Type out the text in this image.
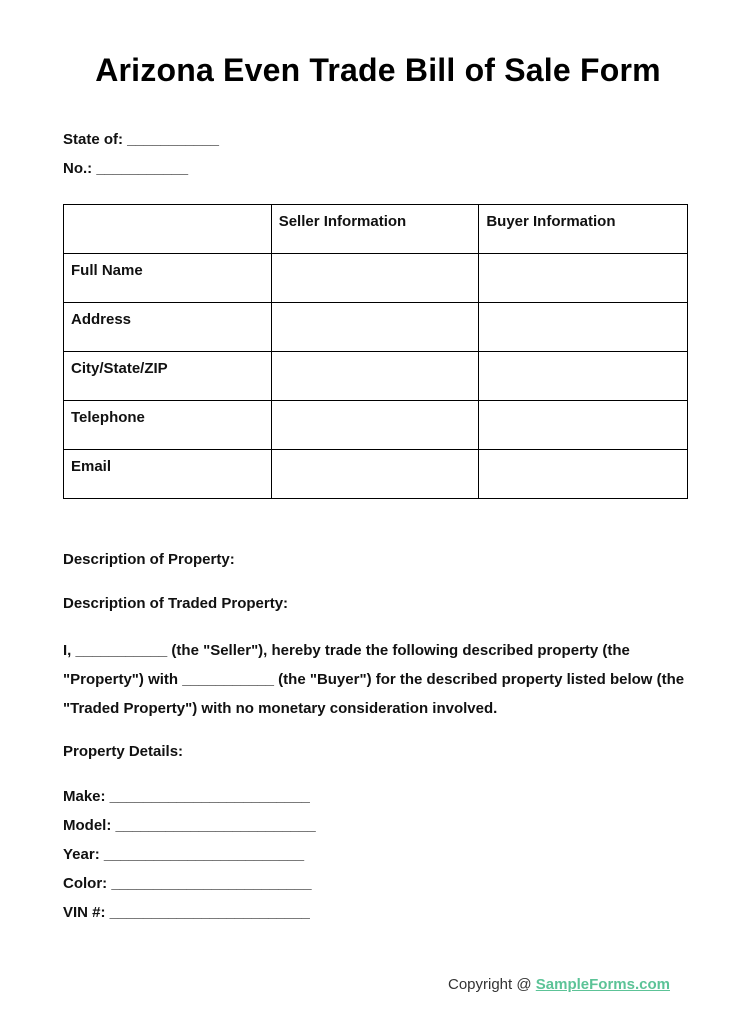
Arizona Even Trade Bill of Sale Form
State of: ___________
No.: ___________
	Seller Information	Buyer Information
Full Name		
Address		
City/State/ZIP		
Telephone		
Email		
Description of Property:
Description of Traded Property:
I, ___________ (the "Seller"), hereby trade the following described property (the "Property") with ___________ (the "Buyer") for the described property listed below (the "Traded Property") with no monetary consideration involved.
Property Details:
Make: ________________________
Model: ________________________
Year: ________________________
Color: ________________________
VIN #: ________________________
Copyright @ SampleForms.com
